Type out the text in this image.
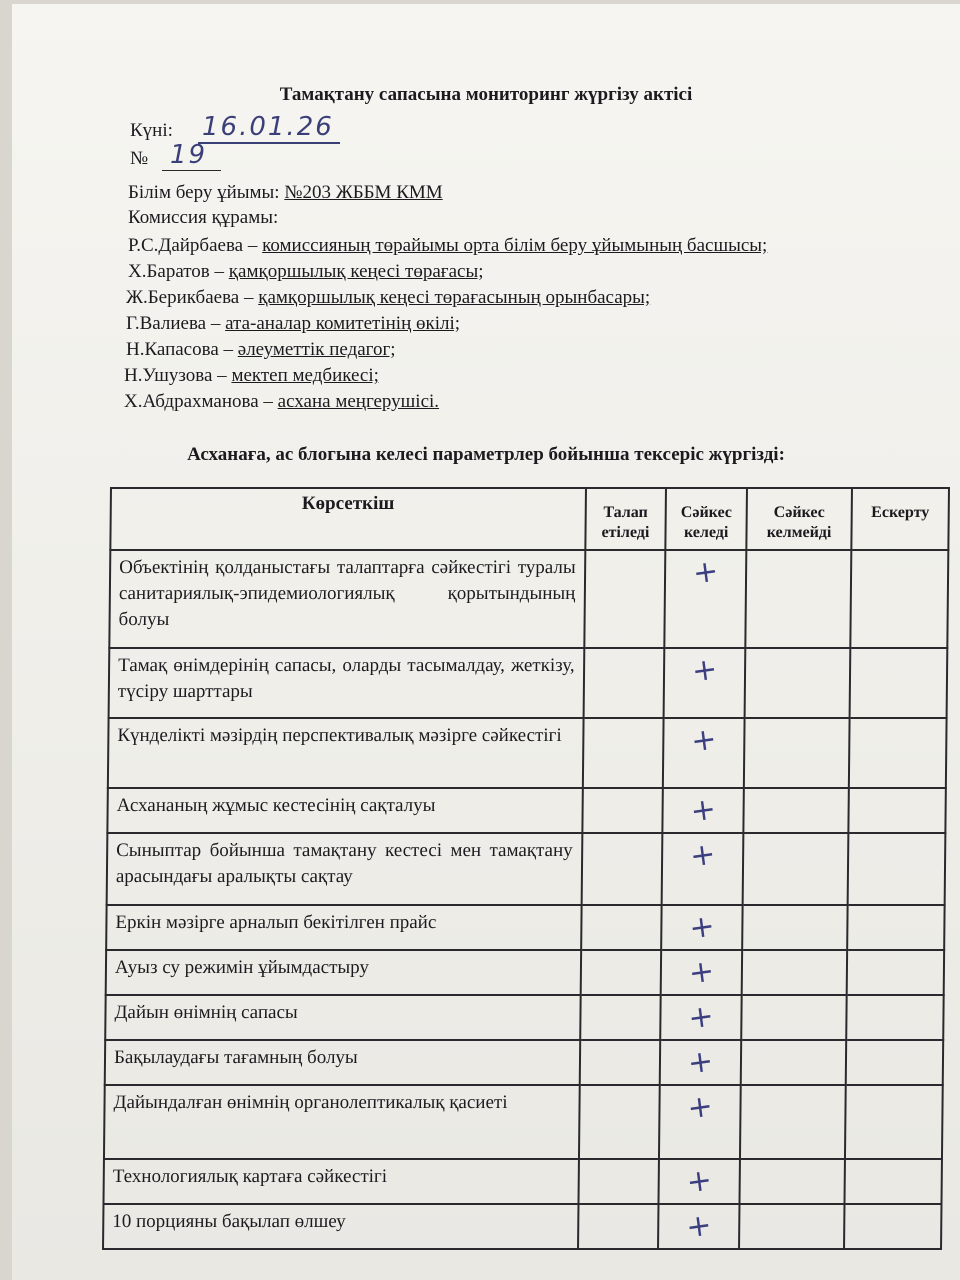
Тамақтану сапасына мониторинг жүргізу актісі
Күні: 16.01.26
№ 19
Білім беру ұйымы: №203 ЖББМ КММ
Комиссия құрамы:
Р.С.Дайрбаева – комиссияның төрайымы орта білім беру ұйымының басшысы;
Х.Баратов – қамқоршылық кеңесі төрағасы;
Ж.Берикбаева – қамқоршылық кеңесі төрағасының орынбасары;
Г.Валиева – ата-аналар комитетінің өкілі;
Н.Капасова – әлеуметтік педагог;
Н.Ушузова – мектеп медбикесі;
Х.Абдрахманова – асхана меңгерушісі.
Асханаға, ас блогына келесі параметрлер бойынша тексеріс жүргізді:
Көрсеткіш	Талап етіледі	Сәйкес келеді	Сәйкес келмейді	Ескерту
Объектінің қолданыстағы талаптарға сәйкестігі туралы санитариялық-эпидемиологиялық қорытындының болуы		+		
Тамақ өнімдерінің сапасы, оларды тасымалдау, жеткізу, түсіру шарттары		+		
Күнделікті мәзірдің перспективалық мәзірге сәйкестігі		+		
Асхананың жұмыс кестесінің сақталуы		+		
Сыныптар бойынша тамақтану кестесі мен тамақтану арасындағы аралықты сақтау		+		
Еркін мәзірге арналып бекітілген прайс		+		
Ауыз су режимін ұйымдастыру		+		
Дайын өнімнің сапасы		+		
Бақылаудағы тағамның болуы		+		
Дайындалған өнімнің органолептикалық қасиеті		+		
Технологиялық картаға сәйкестігі		+		
10 порцияны бақылап өлшеу		+		
